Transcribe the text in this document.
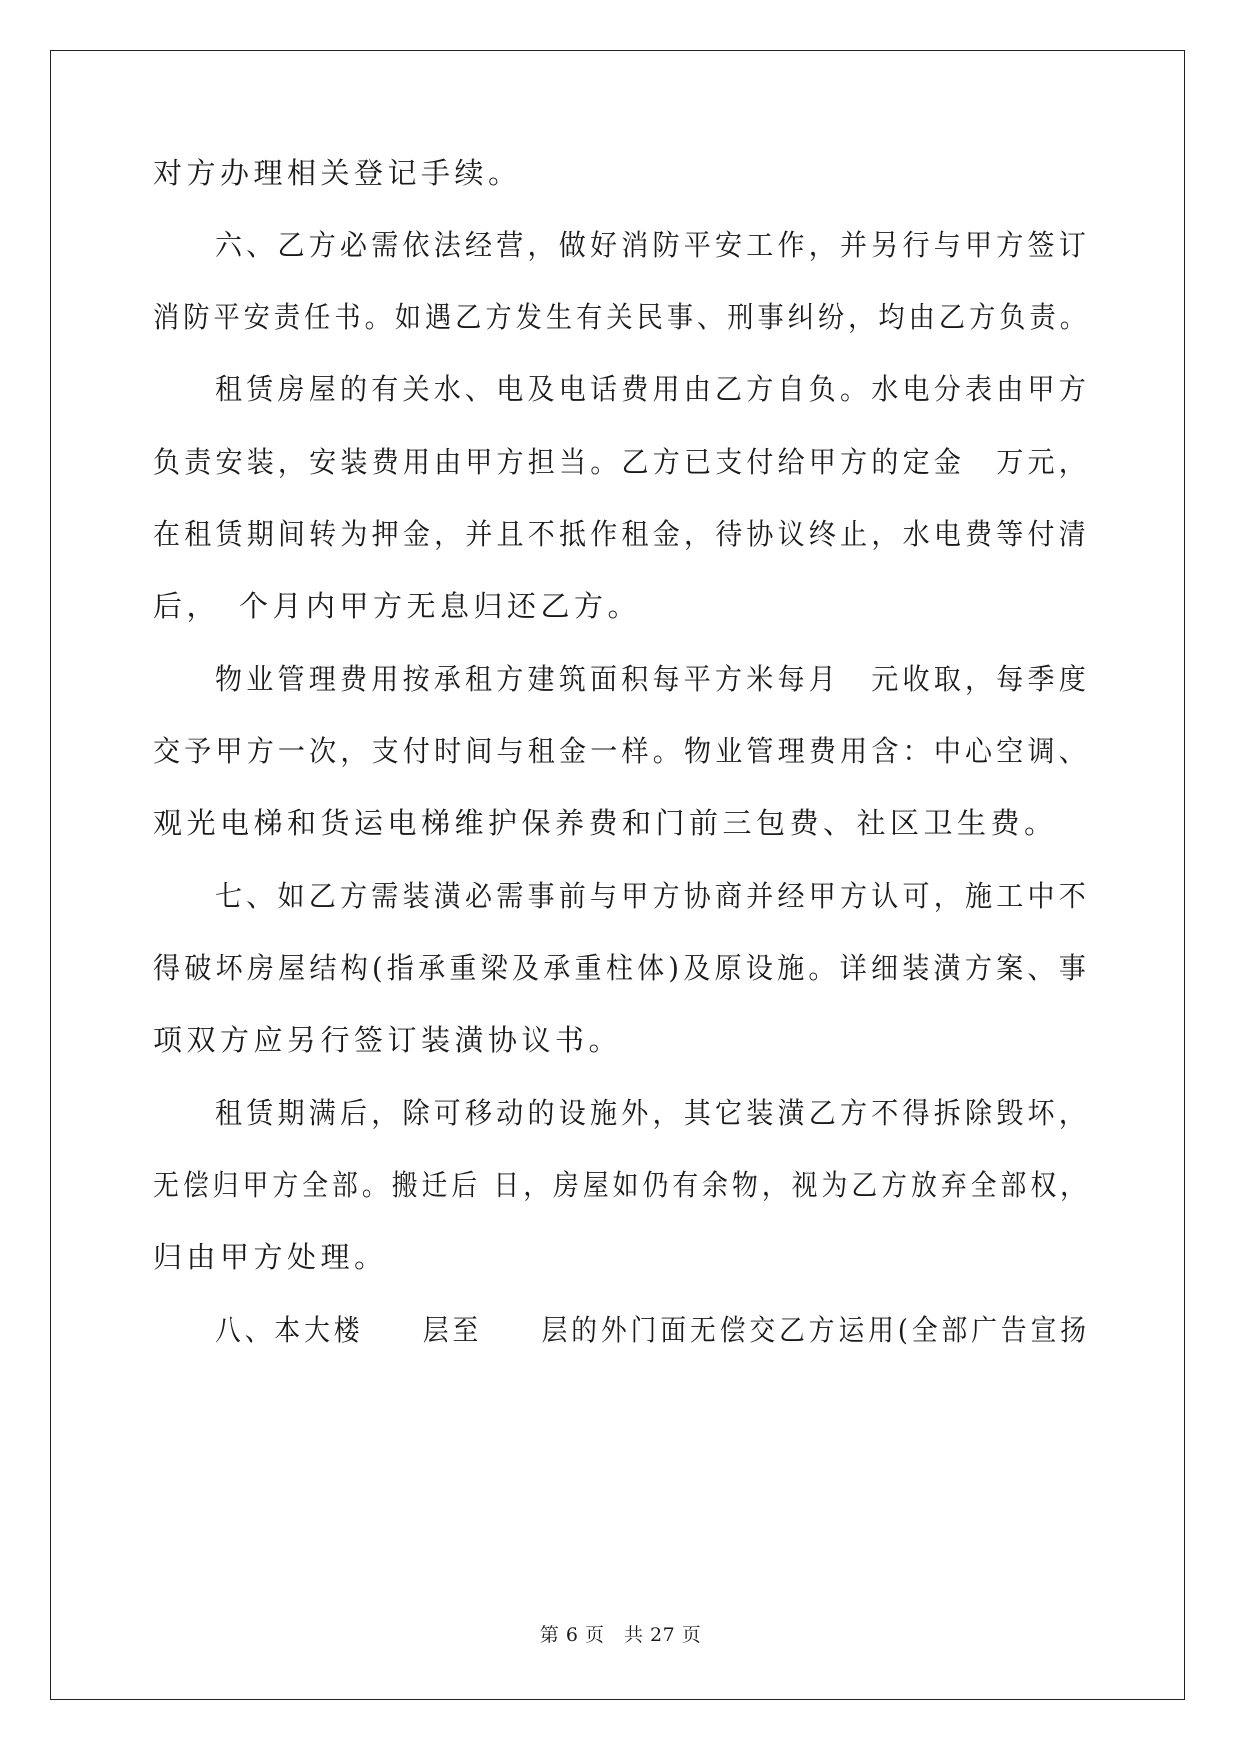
对方办理相关登记手续。
六、乙方必需依法经营，做好消防平安工作，并另行与甲方签订
消防平安责任书。如遇乙方发生有关民事、刑事纠纷，均由乙方负责。
租赁房屋的有关水、电及电话费用由乙方自负。水电分表由甲方
负责安装，安装费用由甲方担当。乙方已支付给甲方的定金　万元，
在租赁期间转为押金，并且不抵作租金，待协议终止，水电费等付清
后，　个月内甲方无息归还乙方。
物业管理费用按承租方建筑面积每平方米每月　元收取，每季度
交予甲方一次，支付时间与租金一样。物业管理费用含：中心空调、
观光电梯和货运电梯维护保养费和门前三包费、社区卫生费。
七、如乙方需装潢必需事前与甲方协商并经甲方认可，施工中不
得破坏房屋结构(指承重梁及承重柱体)及原设施。详细装潢方案、事
项双方应另行签订装潢协议书。
租赁期满后，除可移动的设施外，其它装潢乙方不得拆除毁坏，
无偿归甲方全部。搬迁后 日，房屋如仍有余物，视为乙方放弃全部权，
归由甲方处理。
八、本大楼　　层至　　层的外门面无偿交乙方运用(全部广告宣扬
第 6 页　共 27 页
